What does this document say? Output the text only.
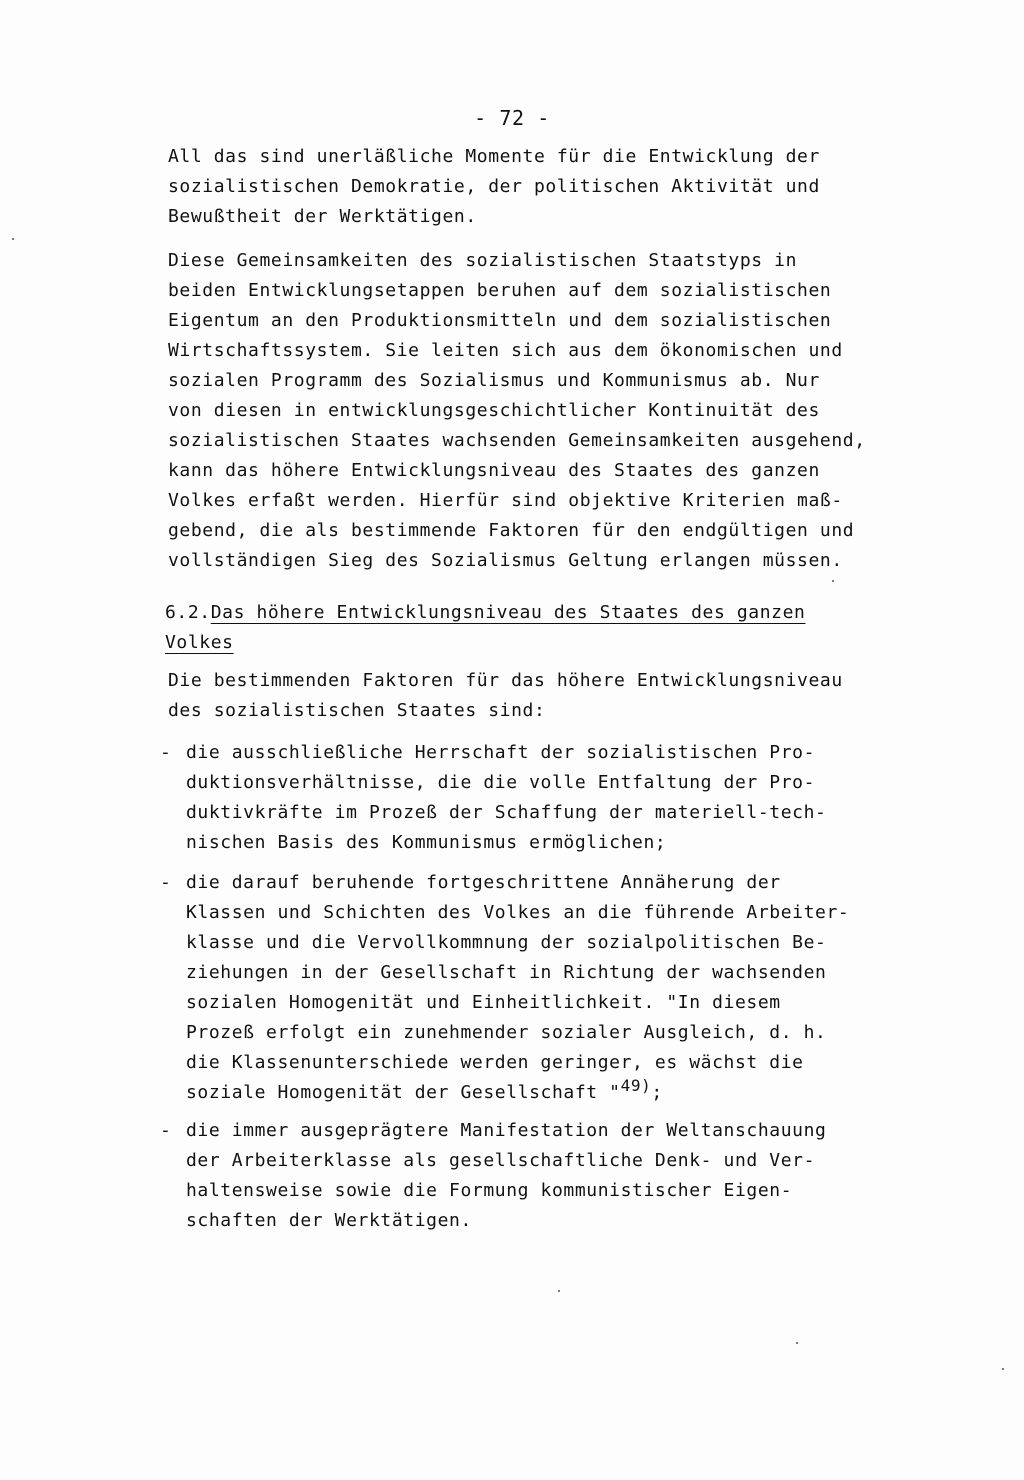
- 72 -
All das sind unerläßliche Momente für die Entwicklung der
sozialistischen Demokratie, der politischen Aktivität und
Bewußtheit der Werktätigen.
Diese Gemeinsamkeiten des sozialistischen Staatstyps in
beiden Entwicklungsetappen beruhen auf dem sozialistischen
Eigentum an den Produktionsmitteln und dem sozialistischen
Wirtschaftssystem. Sie leiten sich aus dem ökonomischen und
sozialen Programm des Sozialismus und Kommunismus ab. Nur
von diesen in entwicklungsgeschichtlicher Kontinuität des
sozialistischen Staates wachsenden Gemeinsamkeiten ausgehend,
kann das höhere Entwicklungsniveau des Staates des ganzen
Volkes erfaßt werden. Hierfür sind objektive Kriterien maß-
gebend, die als bestimmende Faktoren für den endgültigen und
vollständigen Sieg des Sozialismus Geltung erlangen müssen.
6.2.Das höhere Entwicklungsniveau des Staates des ganzen
Volkes
Die bestimmenden Faktoren für das höhere Entwicklungsniveau
des sozialistischen Staates sind:
- die ausschließliche Herrschaft der sozialistischen Pro-
duktionsverhältnisse, die die volle Entfaltung der Pro-
duktivkräfte im Prozeß der Schaffung der materiell-tech-
nischen Basis des Kommunismus ermöglichen;
- die darauf beruhende fortgeschrittene Annäherung der
Klassen und Schichten des Volkes an die führende Arbeiter-
klasse und die Vervollkommnung der sozialpolitischen Be-
ziehungen in der Gesellschaft in Richtung der wachsenden
sozialen Homogenität und Einheitlichkeit. "In diesem
Prozeß erfolgt ein zunehmender sozialer Ausgleich, d. h.
die Klassenunterschiede werden geringer, es wächst die
soziale Homogenität der Gesellschaft "49);
- die immer ausgeprägtere Manifestation der Weltanschauung
der Arbeiterklasse als gesellschaftliche Denk- und Ver-
haltensweise sowie die Formung kommunistischer Eigen-
schaften der Werktätigen.
